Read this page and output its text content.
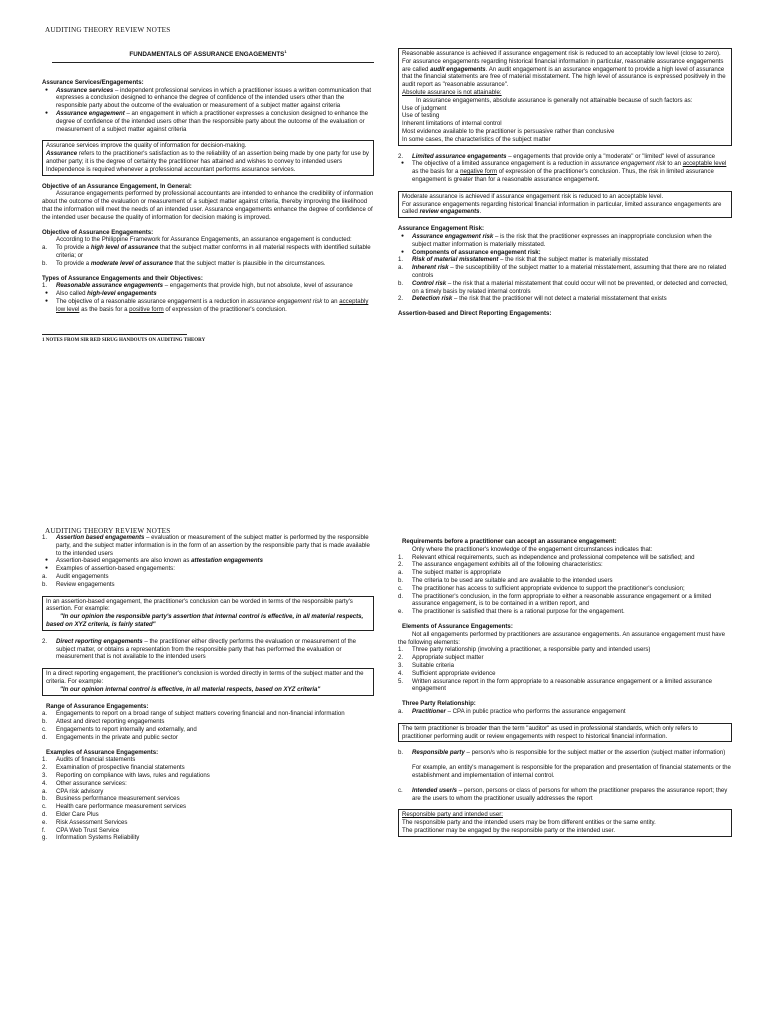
AUDITING THEORY REVIEW NOTES
FUNDAMENTALS OF ASSURANCE ENGAGEMENTS$^1$
Assurance Services/Engagements:
● Assurance services – independent professional services in which a practitioner issues a written communication that expresses a conclusion designed to enhance the degree of confidence of the intended users other than the responsible party about the outcome of the evaluation or measurement of a subject matter against criteria
● Assurance engagement – an engagement in which a practitioner expresses a conclusion designed to enhance the degree of confidence of the intended users other than the responsible party about the outcome of the evaluation or measurement of a subject matter against criteria
Assurance services improve the quality of information for decision-making.
Assurance refers to the practitioner's satisfaction as to the reliability of an assertion being made by one party for use by another party; it is the degree of certainty the practitioner has attained and wishes to convey to intended users
Independence is required whenever a professional accountant performs assurance services.
Objective of an Assurance Engagement, In General:
Assurance engagements performed by professional accountants are intended to enhance the credibility of information about the outcome of the evaluation or measurement of a subject matter against criteria, thereby improving the likelihood that the information will meet the needs of an intended user. Assurance engagements enhance the degree of confidence of the intended user because the quality of information for decision making is improved.
Objective of Assurance Engagements:
According to the Philippine Framework for Assurance Engagements, an assurance engagement is conducted:
a. To provide a high level of assurance that the subject matter conforms in all material respects with identified suitable criteria; or
b. To provide a moderate level of assurance that the subject matter is plausible in the circumstances.
Types of Assurance Engagements and their Objectives:
1. Reasonable assurance engagements – engagements that provide high, but not absolute, level of assurance
● Also called high-level engagements
● The objective of a reasonable assurance engagement is a reduction in assurance engagement risk to an acceptably low level as the basis for a positive form of expression of the practitioner's conclusion.
1 NOTES FROM SIR RED SIRUG HANDOUTS ON AUDITING THEORY
Reasonable assurance is achieved if assurance engagement risk is reduced to an acceptably low level (close to zero).
For assurance engagements regarding historical financial information in particular, reasonable assurance engagements are called audit engagements. An audit engagement is an assurance engagement to provide a high level of assurance that the financial statements are free of material misstatement. The high level of assurance is expressed positively in the audit report as "reasonable assurance".
Absolute assurance is not attainable:
In assurance engagements, absolute assurance is generally not attainable because of such factors as:
Use of judgment
Use of testing
Inherent limitations of internal control
Most evidence available to the practitioner is persuasive rather than conclusive
In some cases, the characteristics of the subject matter
2. Limited assurance engagements – engagements that provide only a "moderate" or "limited" level of assurance
● The objective of a limited assurance engagement is a reduction in assurance engagement risk to an acceptable level as the basis for a negative form of expression of the practitioner's conclusion. Thus, the risk in limited assurance engagement is greater than for a reasonable assurance engagement.
Moderate assurance is achieved if assurance engagement risk is reduced to an acceptable level.
For assurance engagements regarding historical financial information in particular, limited assurance engagements are called review engagements.
Assurance Engagement Risk:
● Assurance engagement risk – is the risk that the practitioner expresses an inappropriate conclusion when the subject matter information is materially misstated.
● Components of assurance engagement risk:
1. Risk of material misstatement – the risk that the subject matter is materially misstated
a. Inherent risk – the susceptibility of the subject matter to a material misstatement, assuming that there are no related controls
b. Control risk – the risk that a material misstatement that could occur will not be prevented, or detected and corrected, on a timely basis by related internal controls
2. Detection risk – the risk that the practitioner will not detect a material misstatement that exists
Assertion-based and Direct Reporting Engagements:
AUDITING THEORY REVIEW NOTES
1. Assertion based engagements – evaluation or measurement of the subject matter is performed by the responsible party, and the subject matter information is in the form of an assertion by the responsible party that is made available to the intended users
● Assertion-based engagements are also known as attestation engagements
● Examples of assertion-based engagements:
a. Audit engagements
b. Review engagements
In an assertion-based engagement, the practitioner's conclusion can be worded in terms of the responsible party's assertion. For example:
"In our opinion the responsible party's assertion that internal control is effective, in all material respects, based on XYZ criteria, is fairly stated"
2. Direct reporting engagements – the practitioner either directly performs the evaluation or measurement of the subject matter, or obtains a representation from the responsible party that has performed the evaluation or measurement that is not available to the intended users
In a direct reporting engagement, the practitioner's conclusion is worded directly in terms of the subject matter and the criteria. For example:
"In our opinion internal control is effective, in all material respects, based on XYZ criteria"
Range of Assurance Engagements:
a. Engagements to report on a broad range of subject matters covering financial and non-financial information
b. Attest and direct reporting engagements
c. Engagements to report internally and externally, and
d. Engagements in the private and public sector
Examples of Assurance Engagements:
1. Audits of financial statements
2. Examination of prospective financial statements
3. Reporting on compliance with laws, rules and regulations
4. Other assurance services:
a. CPA risk advisory
b. Business performance measurement services
c. Health care performance measurement services
d. Elder Care Plus
e. Risk Assessment Services
f. CPA Web Trust Service
g. Information Systems Reliability
Requirements before a practitioner can accept an assurance engagement:
Only where the practitioner's knowledge of the engagement circumstances indicates that:
1. Relevant ethical requirements, such as independence and professional competence will be satisfied; and
2. The assurance engagement exhibits all of the following characteristics:
a. The subject matter is appropriate
b. The criteria to be used are suitable and are available to the intended users
c. The practitioner has access to sufficient appropriate evidence to support the practitioner's conclusion;
d. The practitioner's conclusion, in the form appropriate to either a reasonable assurance engagement or a limited assurance engagement, is to be contained in a written report, and
e. The practitioner is satisfied that there is a rational purpose for the engagement.
Elements of Assurance Engagements:
Not all engagements performed by practitioners are assurance engagements. An assurance engagement must have the following elements:
1. Three party relationship (involving a practitioner, a responsible party and intended users)
2. Appropriate subject matter
3. Suitable criteria
4. Sufficient appropriate evidence
5. Written assurance report in the form appropriate to a reasonable assurance engagement or a limited assurance engagement
Three Party Relationship:
a. Practitioner – CPA in public practice who performs the assurance engagement
The term practitioner is broader than the term "auditor" as used in professional standards, which only refers to practitioner performing audit or review engagements with respect to historical financial information.
b. Responsible party – person/s who is responsible for the subject matter or the assertion (subject matter information)
For example, an entity's management is responsible for the preparation and presentation of financial statements or the establishment and implementation of internal control.
c. Intended user/s – person, persons or class of persons for whom the practitioner prepares the assurance report; they are the users to whom the practitioner usually addresses the report
Responsible party and intended user:
The responsible party and the intended users may be from different entities or the same entity.
The practitioner may be engaged by the responsible party or the intended user.
